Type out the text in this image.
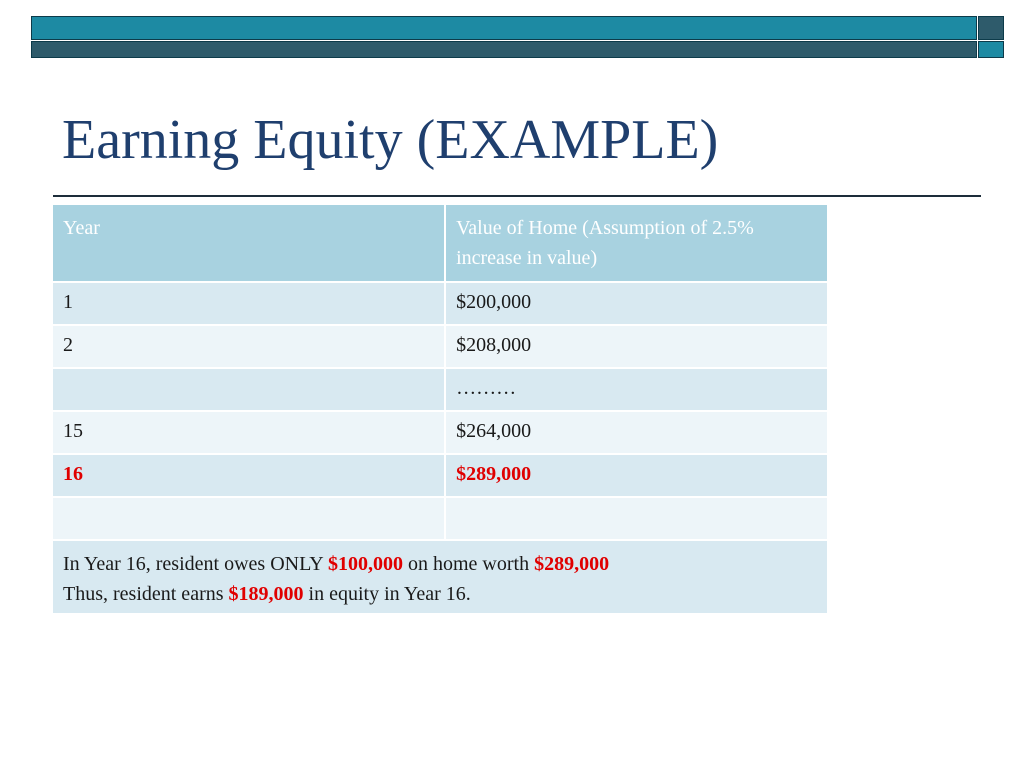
Earning Equity (EXAMPLE)
Year	Value of Home (Assumption of 2.5% increase in value)
1	$200,000
2	$208,000
	………
15	$264,000
16	$289,000

In Year 16, resident owes ONLY $100,000 on home worth $289,000
Thus, resident earns $189,000 in equity in Year 16.	
